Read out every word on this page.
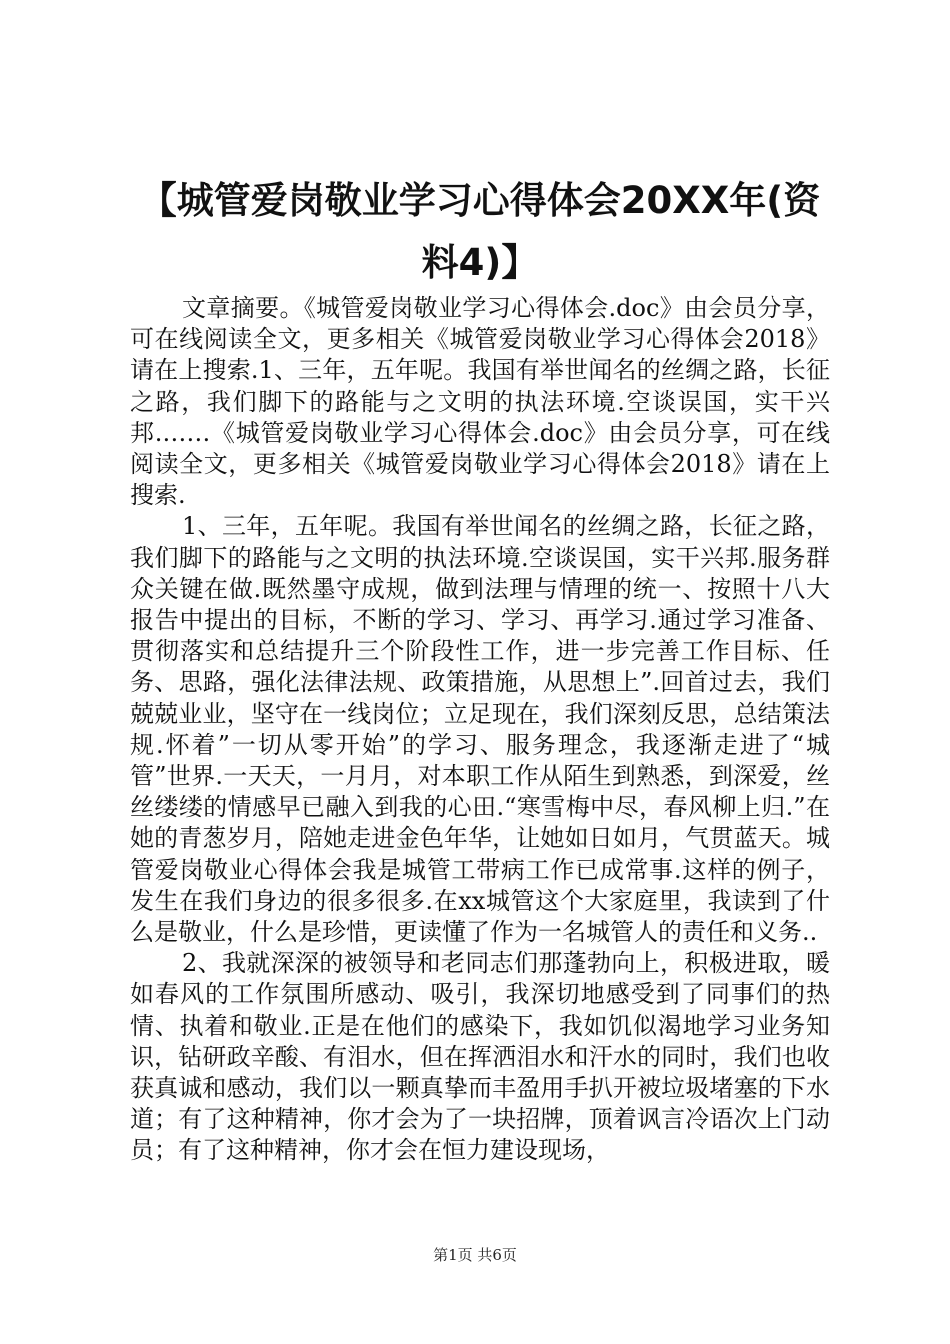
【城管爱岗敬业学习心得体会20XX年(资料4)】

文章摘要。《城管爱岗敬业学习心得体会.doc》由会员分享，可在线阅读全文，更多相关《城管爱岗敬业学习心得体会2018》请在上搜索.1、三年，五年呢。我国有举世闻名的丝绸之路，长征之路，我们脚下的路能与之文明的执法环境.空谈误国，实干兴邦.……《城管爱岗敬业学习心得体会.doc》由会员分享，可在线阅读全文，更多相关《城管爱岗敬业学习心得体会2018》请在上搜索.

1、三年，五年呢。我国有举世闻名的丝绸之路，长征之路，我们脚下的路能与之文明的执法环境.空谈误国，实干兴邦.服务群众关键在做.既然墨守成规，做到法理与情理的统一、按照十八大报告中提出的目标，不断的学习、学习、再学习.通过学习准备、贯彻落实和总结提升三个阶段性工作，进一步完善工作目标、任务、思路，强化法律法规、政策措施，从思想上”.回首过去，我们兢兢业业，坚守在一线岗位；立足现在，我们深刻反思，总结策法规.怀着”一切从零开始”的学习、服务理念，我逐渐走进了“城管”世界.一天天，一月月，对本职工作从陌生到熟悉，到深爱，丝丝缕缕的情感早已融入到我的心田.“寒雪梅中尽，春风柳上归.”在她的青葱岁月，陪她走进金色年华，让她如日如月，气贯蓝天。城管爱岗敬业心得体会我是城管工带病工作已成常事.这样的例子，发生在我们身边的很多很多.在xx城管这个大家庭里，我读到了什么是敬业，什么是珍惜，更读懂了作为一名城管人的责任和义务..

2、我就深深的被领导和老同志们那蓬勃向上，积极进取，暖如春风的工作氛围所感动、吸引，我深切地感受到了同事们的热情、执着和敬业.正是在他们的感染下，我如饥似渴地学习业务知识，钻研政辛酸、有泪水，但在挥洒泪水和汗水的同时，我们也收获真诚和感动，我们以一颗真挚而丰盈用手扒开被垃圾堵塞的下水道；有了这种精神，你才会为了一块招牌，顶着讽言冷语次上门动员；有了这种精神，你才会在恒力建设现场，

第1页 共6页
